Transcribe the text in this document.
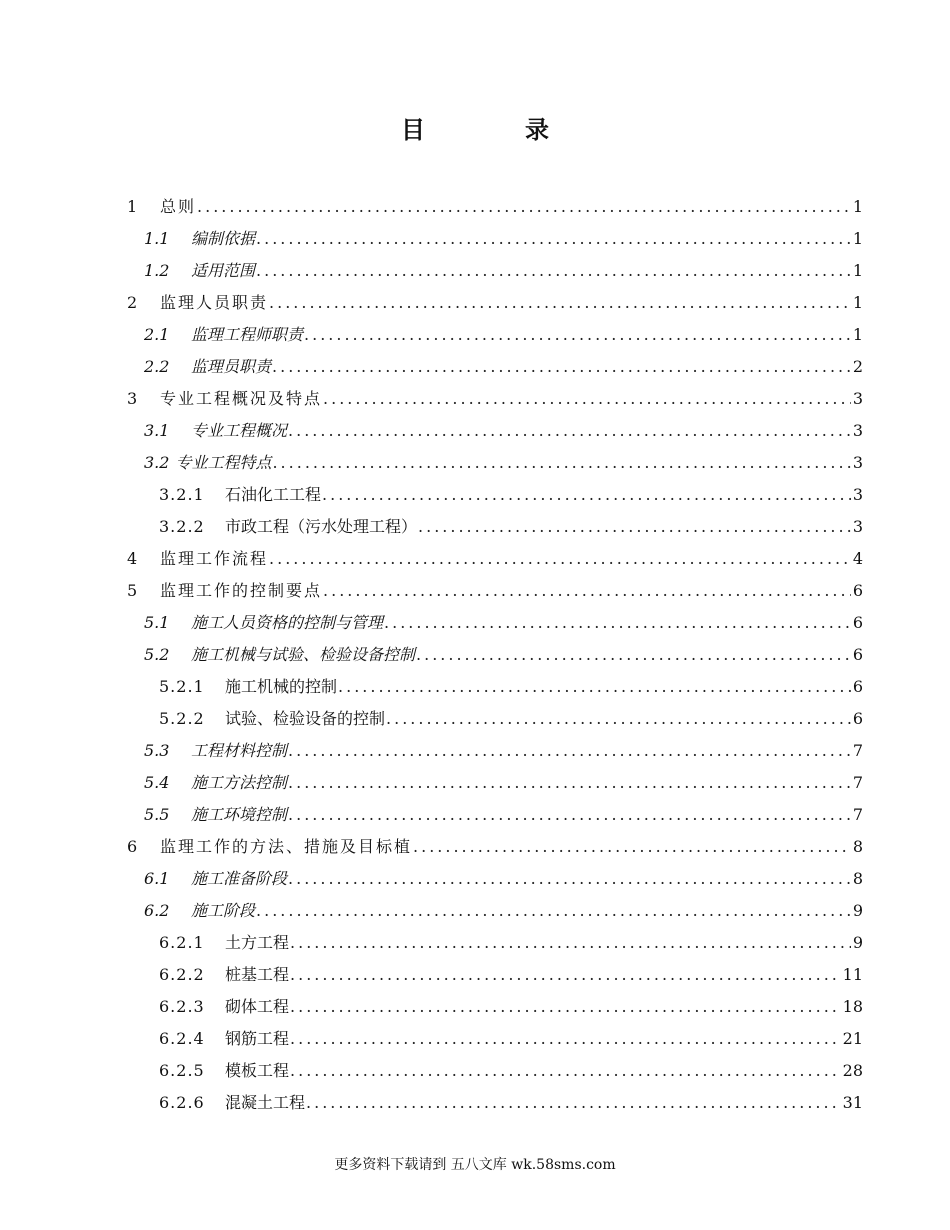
目录
1	总则 .....	1
1.1	编制依据 .....	1
1.2	适用范围 .....	1
2	监理人员职责 .....	1
2.1	监理工程师职责 .....	1
2.2	监理员职责 .....	2
3	专业工程概况及特点 .....	3
3.1	专业工程概况 .....	3
3.2 专业工程特点 .....	3
3.2.1	石油化工工程 .....	3
3.2.2	市政工程（污水处理工程） .....	3
4	监理工作流程 .....	4
5	监理工作的控制要点 .....	6
5.1	施工人员资格的控制与管理 .....	6
5.2	施工机械与试验、检验设备控制 .....	6
5.2.1	施工机械的控制 .....	6
5.2.2	试验、检验设备的控制 .....	6
5.3	工程材料控制 .....	7
5.4	施工方法控制 .....	7
5.5	施工环境控制 .....	7
6	监理工作的方法、措施及目标植 .....	8
6.1	施工准备阶段 .....	8
6.2	施工阶段 .....	9
6.2.1	土方工程 .....	9
6.2.2	桩基工程 .....	11
6.2.3	砌体工程 .....	18
6.2.4	钢筋工程 .....	21
6.2.5	模板工程 .....	28
6.2.6	混凝土工程 .....	31
更多资料下载请到 五八文库 wk.58sms.com
